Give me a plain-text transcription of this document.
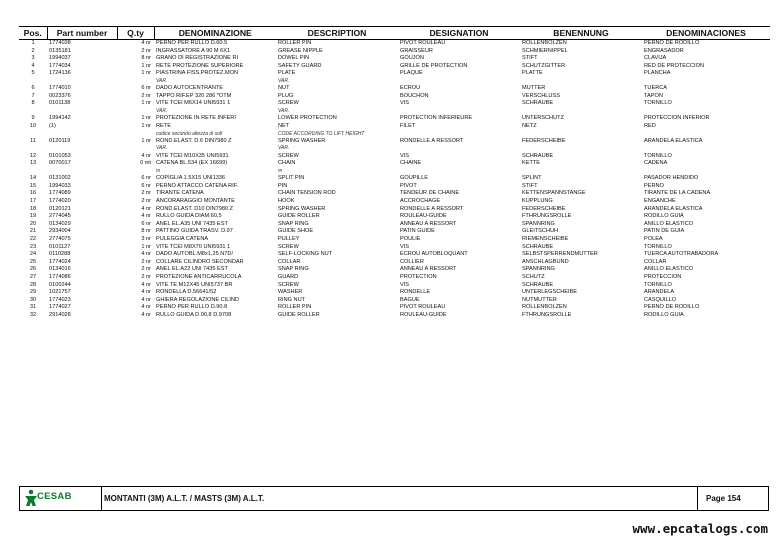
Pos.	Part number	Q.ty	DENOMINAZIONE	DESCRIPTION	DESIGNATION	BENENNUNG	DENOMINACIONES
1	1774038	4 nr	PERNO PER RULLO D.60.5	ROLLER PIN	PIVOT ROULEAU	ROLLENBOLZEN	PERNO DE RODILLO
2	0135181	2 nr	INGRASSATORE A 90 M 6X1	GREASE NIPPLE	GRAISSEUR	SCHMIERNIPPEL	ENGRASADOR
3	1994037	8 nr	GRANO DI REGISTRAZIONE RI	DOWEL PIN	GOUJON	STIFT	CLAVIJA
4	1774034	1 nr	RETE PROTEZIONE SUPERIORE	SAFETY GUARD	GRILLE DE PROTECTION	SCHUTZGITTER	RED DE PROTECCION
5	1724136	1 nr	PIASTRINA FISS.PROTEZ.MON	PLATE	PLAQUE	PLATTE	PLANCHA
			VAR.	VAR.			
6	1774010	6 nr	DADO AUTOCENTRANTE	NUT	ECROU	MUTTER	TUERCA
7	0023376	2 nr	TAPPO RIF.EP 320 286 *OTM	PLUG	BOUCHON	VERSCHLUSS	TAPON
8	0101138	1 nr	VITE TCEI M6X14 UNI5931 1	SCREW	VIS	SCHRAUBE	TORNILLO
			VAR.	VAR.			
9	1994142	1 nr	PROTEZIONE IN RETE INFERI	LOWER PROTECTION	PROTECTION INFERIEURE	UNTERSCHUTZ	PROTECCION INFERIOR
10	(1)	1 nr	RETE	NET	FILET	NETZ	RED
			codice secondo altezza di soll	CODE ACCORDING TO LIFT HEIGHT			
11	0120119	1 nr	ROND.ELAST. D.6 DIN7980 Z	SPRING WASHER	RONDELLE A RESSORT	FEDERSCHEIBE	ARANDELA ELASTICA
			VAR.	VAR.			
12	0101053	4 nr	VITE TCEI M10X35 UNI5931	SCREW	VIS	SCHRAUBE	TORNILLO
13	0070017	0 mt	CATENA BL.534 (EX 16699)	CHAIN	CHAINE	KETTE	CADENA
			m	m			
14	0131002	6 nr	COPIGLIA 1.5X15 UNI1336	SPLIT PIN	GOUPILLE	SPLINT	PASADOR HENDIDO
15	1994033	6 nr	PERNO ATTACCO CATENA RIF.	PIN	PIVOT	STIFT	PERNO
16	1774089	2 nr	TIRANTE CATENA	CHAIN TENSION ROD	TENDEUR DE CHAINE	KETTENSPANNSTANGE	TIRANTE DE LA CADENA
17	1774020	2 nr	ANCORARAGGIO MONTANTE	HOOK	ACCROCHAGE	KUPPLUNG	ENGANCHE
18	0120121	4 nr	ROND.ELAST. D10 DIN7980 Z	SPRING WASHER	RONDELLE A RESSORT	FEDERSCHEIBE	ARANDELA ELASTICA
19	2774045	4 nr	RULLO GUIDA DIAM.60,5	GUIDE ROLLER	ROULEAU-GUIDE	FTHRUNGSROLLE	RODILLO GUIA
20	0134029	6 nr	ANEL EL.A35 UNI 7435 EST	SNAP RING	ANNEAU A RESSORT	SPANNRING	ANILLO ELASTICO
21	2934004	8 nr	PATTINO GUIDA TRASV. D.97	GUIDE SHOE	PATIN GUIDE	GLEITSCHUH	PATIN DE GUIA
22	2774075	3 nr	PULEGGIA CATENA	PULLEY	POULIE	RIEMENSCHEIBE	POLEA
23	0101127	1 nr	VITE TCEI M8X70 UNI5931 1	SCREW	VIS	SCHRAUBE	TORNILLO
24	0110288	4 nr	DADO AUTOBL.M8x1,25 N7D/	SELF-LOCKING NUT	ECROU AUTOBLOQUANT	SELBSTSPERRENDMUTTER	TUERCA AUTOTRABADORA
25	1774024	2 nr	COLLARE CILINDRO SECONDAR	COLLAR	COLLIER	ANSCHLAGBUND	COLLAR
26	0134016	2 nr	ANEL EL.A22 UNI 7435 EST	SNAP RING	ANNEAU A RESSORT	SPANNRING	ANILLO ELASTICO
27	1774086	2 nr	PROTEZIONE ANTICARRUCOLA	GUARD	PROTECTION	SCHUTZ	PROTECCION
28	0100244	4 nr	VITE TE M12X45 UNI5737 BR	SCREW	VIS	SCHRAUBE	TORNILLO
29	1021757	4 nr	RONDELLA D.56641/52	WASHER	RONDELLE	UNTERLEGSCHEIBE	ARANDELA
30	1774023	4 nr	GHIERA REGOLAZIONE CILIND	RING NUT	BAGUE	NUTMUTTER	CASQUILLO
31	1774027	4 nr	PERNO PER RULLO D.90.8	ROLLER PIN	PIVOT ROULEAU	ROLLENBOLZEN	PERNO DE RODILLO
32	2914028	4 nr	RULLO GUIDA D.90,8 D.9708	GUIDE ROLLER	ROULEAU-GUIDE	FTHRUNGSROLLE	RODILLO GUIA
CESAB	MONTANTI (3M) A.L.T. / MASTS (3M) A.L.T.	Page 154
www.epcatalogs.com
